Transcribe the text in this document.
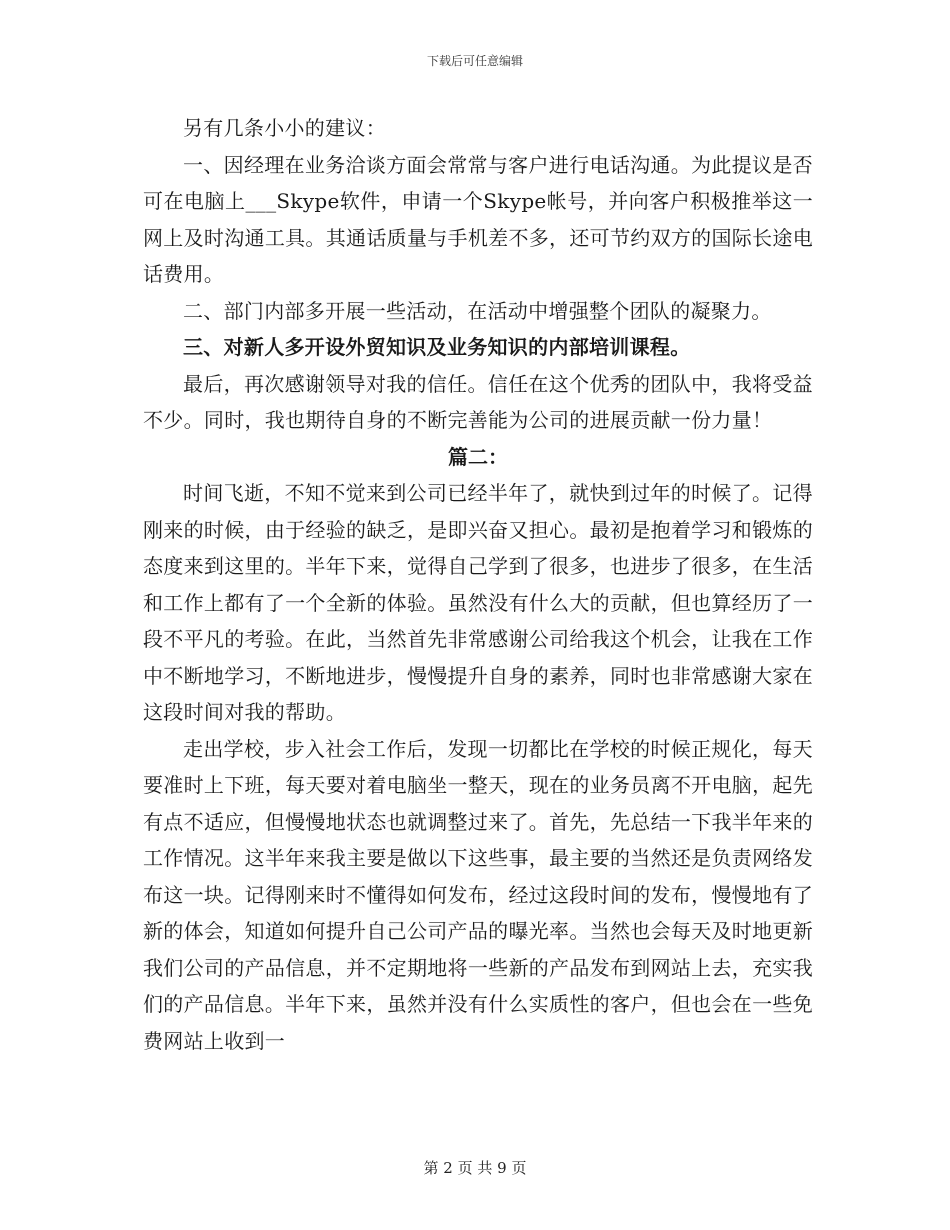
下载后可任意编辑

另有几条小小的建议：

一、因经理在业务洽谈方面会常常与客户进行电话沟通。为此提议是否可在电脑上___Skype软件，申请一个Skype帐号，并向客户积极推举这一网上及时沟通工具。其通话质量与手机差不多，还可节约双方的国际长途电话费用。

二、部门内部多开展一些活动，在活动中增强整个团队的凝聚力。

三、对新人多开设外贸知识及业务知识的内部培训课程。

最后，再次感谢领导对我的信任。信任在这个优秀的团队中，我将受益不少。同时，我也期待自身的不断完善能为公司的进展贡献一份力量！

篇二：

时间飞逝，不知不觉来到公司已经半年了，就快到过年的时候了。记得刚来的时候，由于经验的缺乏，是即兴奋又担心。最初是抱着学习和锻炼的态度来到这里的。半年下来，觉得自己学到了很多，也进步了很多，在生活和工作上都有了一个全新的体验。虽然没有什么大的贡献，但也算经历了一段不平凡的考验。在此，当然首先非常感谢公司给我这个机会，让我在工作中不断地学习，不断地进步，慢慢提升自身的素养，同时也非常感谢大家在这段时间对我的帮助。

走出学校，步入社会工作后，发现一切都比在学校的时候正规化，每天要准时上下班，每天要对着电脑坐一整天，现在的业务员离不开电脑，起先有点不适应，但慢慢地状态也就调整过来了。首先，先总结一下我半年来的工作情况。这半年来我主要是做以下这些事，最主要的当然还是负责网络发布这一块。记得刚来时不懂得如何发布，经过这段时间的发布，慢慢地有了新的体会，知道如何提升自己公司产品的曝光率。当然也会每天及时地更新我们公司的产品信息，并不定期地将一些新的产品发布到网站上去，充实我们的产品信息。半年下来，虽然并没有什么实质性的客户，但也会在一些免费网站上收到一

第 2 页 共 9 页
